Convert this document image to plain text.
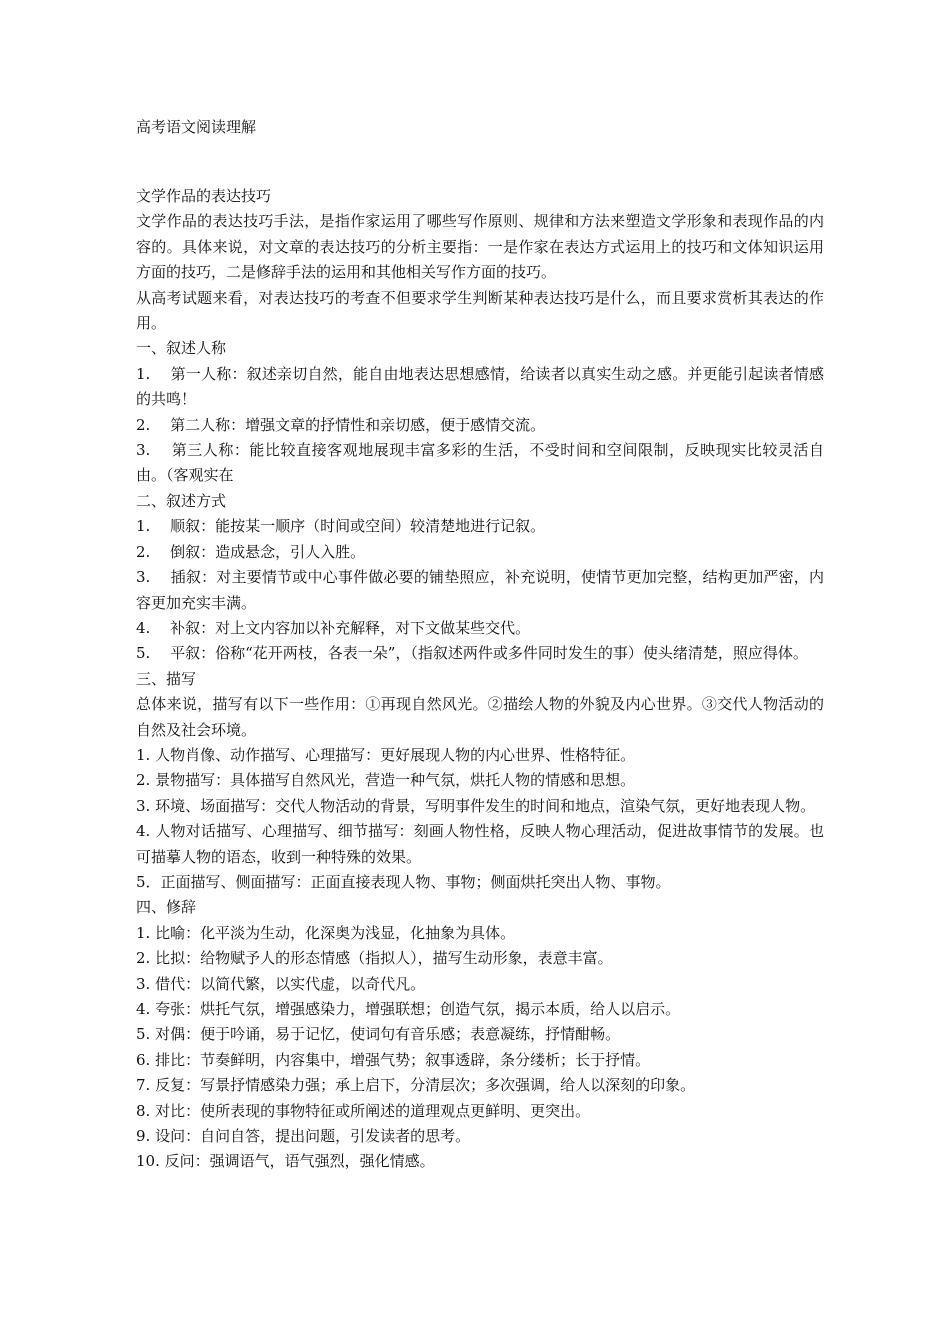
高考语文阅读理解

文学作品的表达技巧

文学作品的表达技巧手法，是指作家运用了哪些写作原则、规律和方法来塑造文学形象和表现作品的内容的。具体来说，对文章的表达技巧的分析主要指：一是作家在表达方式运用上的技巧和文体知识运用方面的技巧，二是修辞手法的运用和其他相关写作方面的技巧。

从高考试题来看，对表达技巧的考查不但要求学生判断某种表达技巧是什么，而且要求赏析其表达的作用。

一、叙述人称

1.　 第一人称：叙述亲切自然，能自由地表达思想感情，给读者以真实生动之感。并更能引起读者情感的共鸣！

2.　 第二人称：增强文章的抒情性和亲切感，便于感情交流。

3.　 第三人称：能比较直接客观地展现丰富多彩的生活，不受时间和空间限制，反映现实比较灵活自由。（客观实在

二、叙述方式

1.　 顺叙：能按某一顺序（时间或空间）较清楚地进行记叙。

2.　 倒叙：造成悬念，引人入胜。

3.　 插叙：对主要情节或中心事件做必要的铺垫照应，补充说明，使情节更加完整，结构更加严密，内容更加充实丰满。

4.　 补叙：对上文内容加以补充解释，对下文做某些交代。

5.　 平叙：俗称“花开两枝，各表一朵”，（指叙述两件或多件同时发生的事）使头绪清楚，照应得体。

三、描写

总体来说，描写有以下一些作用：①再现自然风光。②描绘人物的外貌及内心世界。③交代人物活动的自然及社会环境。

1. 人物肖像、动作描写、心理描写：更好展现人物的内心世界、性格特征。

2. 景物描写：具体描写自然风光，营造一种气氛，烘托人物的情感和思想。

3. 环境、场面描写：交代人物活动的背景，写明事件发生的时间和地点，渲染气氛，更好地表现人物。

4. 人物对话描写、心理描写、细节描写：刻画人物性格，反映人物心理活动，促进故事情节的发展。也可描摹人物的语态，收到一种特殊的效果。

5．正面描写、侧面描写：正面直接表现人物、事物；侧面烘托突出人物、事物。

四、修辞

1. 比喻：化平淡为生动，化深奥为浅显，化抽象为具体。

2. 比拟：给物赋予人的形态情感（指拟人），描写生动形象，表意丰富。

3. 借代：以简代繁，以实代虚，以奇代凡。

4. 夸张：烘托气氛，增强感染力，增强联想；创造气氛，揭示本质，给人以启示。

5. 对偶：便于吟诵，易于记忆，使词句有音乐感；表意凝练，抒情酣畅。

6. 排比：节奏鲜明，内容集中，增强气势；叙事透辟，条分缕析；长于抒情。

7. 反复：写景抒情感染力强；承上启下，分清层次；多次强调，给人以深刻的印象。

8. 对比：使所表现的事物特征或所阐述的道理观点更鲜明、更突出。

9. 设问：自问自答，提出问题，引发读者的思考。

10. 反问：强调语气，语气强烈，强化情感。
